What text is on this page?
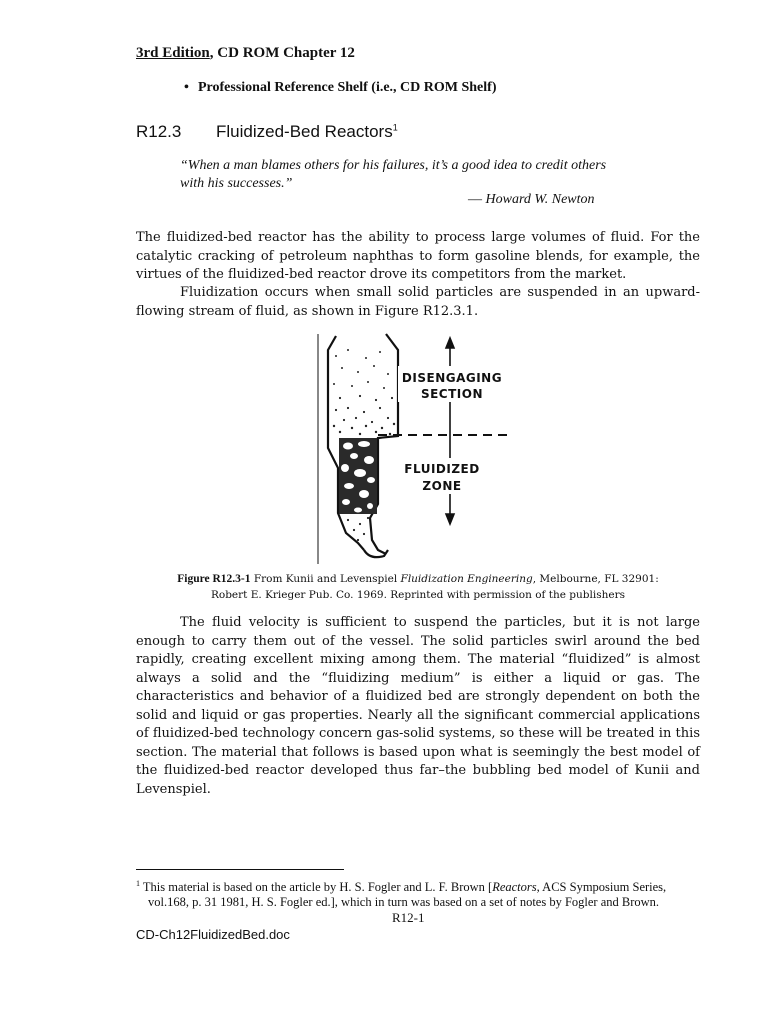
3rd Edition, CD ROM Chapter 12
• Professional Reference Shelf (i.e., CD ROM Shelf)
R12.3 Fluidized-Bed Reactors$^1$
“When a man blames others for his failures, it’s a good idea to credit others with his successes.”
–– Howard W. Newton
The fluidized-bed reactor has the ability to process large volumes of fluid. For the catalytic cracking of petroleum naphthas to form gasoline blends, for example, the virtues of the fluidized-bed reactor drove its competitors from the market.
Fluidization occurs when small solid particles are suspended in an upward-flowing stream of fluid, as shown in Figure R12.3.1.
DISENGAGING
SECTION
FLUIDIZED
ZONE
Figure R12.3-1 From Kunii and Levenspiel Fluidization Engineering, Melbourne, FL 32901:
Robert E. Krieger Pub. Co. 1969. Reprinted with permission of the publishers
The fluid velocity is sufficient to suspend the particles, but it is not large enough to carry them out of the vessel. The solid particles swirl around the bed rapidly, creating excellent mixing among them. The material “fluidized” is almost always a solid and the “fluidizing medium” is either a liquid or gas. The characteristics and behavior of a fluidized bed are strongly dependent on both the solid and liquid or gas properties. Nearly all the significant commercial applications of fluidized-bed technology concern gas-solid systems, so these will be treated in this section. The material that follows is based upon what is seemingly the best model of the fluidized-bed reactor developed thus far–the bubbling bed model of Kunii and Levenspiel.
$^1$ This material is based on the article by H. S. Fogler and L. F. Brown [Reactors, ACS Symposium Series,
vol.168, p. 31 1981, H. S. Fogler ed.], which in turn was based on a set of notes by Fogler and Brown.
R12-1
CD-Ch12FluidizedBed.doc
